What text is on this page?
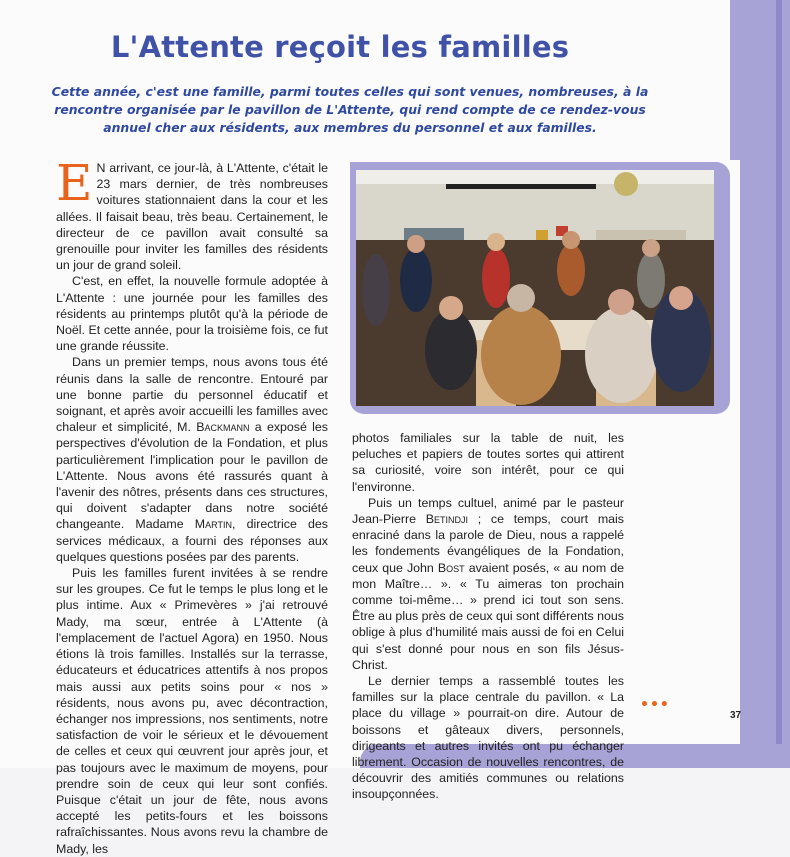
L'Attente reçoit les familles
Cette année, c'est une famille, parmi toutes celles qui sont venues, nombreuses, à la rencontre organisée par le pavillon de L'Attente, qui rend compte de ce rendez-vous annuel cher aux résidents, aux membres du personnel et aux familles.

E N arrivant, ce jour-là, à L'Attente, c'était le 23 mars dernier, de très nombreuses voitures stationnaient dans la cour et les allées. Il faisait beau, très beau. Certainement, le directeur de ce pavillon avait consulté sa grenouille pour inviter les familles des résidents un jour de grand soleil.

C'est, en effet, la nouvelle formule adoptée à L'Attente : une journée pour les familles des résidents au printemps plutôt qu'à la période de Noël. Et cette année, pour la troisième fois, ce fut une grande réussite.

Dans un premier temps, nous avons tous été réunis dans la salle de rencontre. Entouré par une bonne partie du personnel éducatif et soignant, et après avoir accueilli les familles avec chaleur et simplicité, M. Backmann a exposé les perspectives d'évolution de la Fondation, et plus particulièrement l'implication pour le pavillon de L'Attente. Nous avons été rassurés quant à l'avenir des nôtres, présents dans ces structures, qui doivent s'adapter dans notre société changeante. Madame Martin, directrice des services médicaux, a fourni des réponses aux quelques questions posées par des parents.

Puis les familles furent invitées à se rendre sur les groupes. Ce fut le temps le plus long et le plus intime. Aux « Primevères » j'ai retrouvé Mady, ma sœur, entrée à L'Attente (à l'emplacement de l'actuel Agora) en 1950. Nous étions là trois familles. Installés sur la terrasse, éducateurs et éducatrices attentifs à nos propos mais aussi aux petits soins pour « nos » résidents, nous avons pu, avec décontraction, échanger nos impressions, nos sentiments, notre satisfaction de voir le sérieux et le dévouement de celles et ceux qui œuvrent jour après jour, et pas toujours avec le maximum de moyens, pour prendre soin de ceux qui leur sont confiés. Puisque c'était un jour de fête, nous avons accepté les petits-fours et les boissons rafraîchissantes. Nous avons revu la chambre de Mady, les

photos familiales sur la table de nuit, les peluches et papiers de toutes sortes qui attirent sa curiosité, voire son intérêt, pour ce qui l'environne.

Puis un temps cultuel, animé par le pasteur Jean-Pierre Betindji ; ce temps, court mais enraciné dans la parole de Dieu, nous a rappelé les fondements évangéliques de la Fondation, ceux que John Bost avaient posés, « au nom de mon Maître… ». « Tu aimeras ton prochain comme toi-même… » prend ici tout son sens. Être au plus près de ceux qui sont différents nous oblige à plus d'humilité mais aussi de foi en Celui qui s'est donné pour nous en son fils Jésus-Christ.

Le dernier temps a rassemblé toutes les familles sur la place centrale du pavillon. « La place du village » pourrait-on dire. Autour de boissons et gâteaux divers, personnels, dirigeants et autres invités ont pu échanger librement. Occasion de nouvelles rencontres, de découvrir des amitiés communes ou relations insoupçonnées.

•••
37
